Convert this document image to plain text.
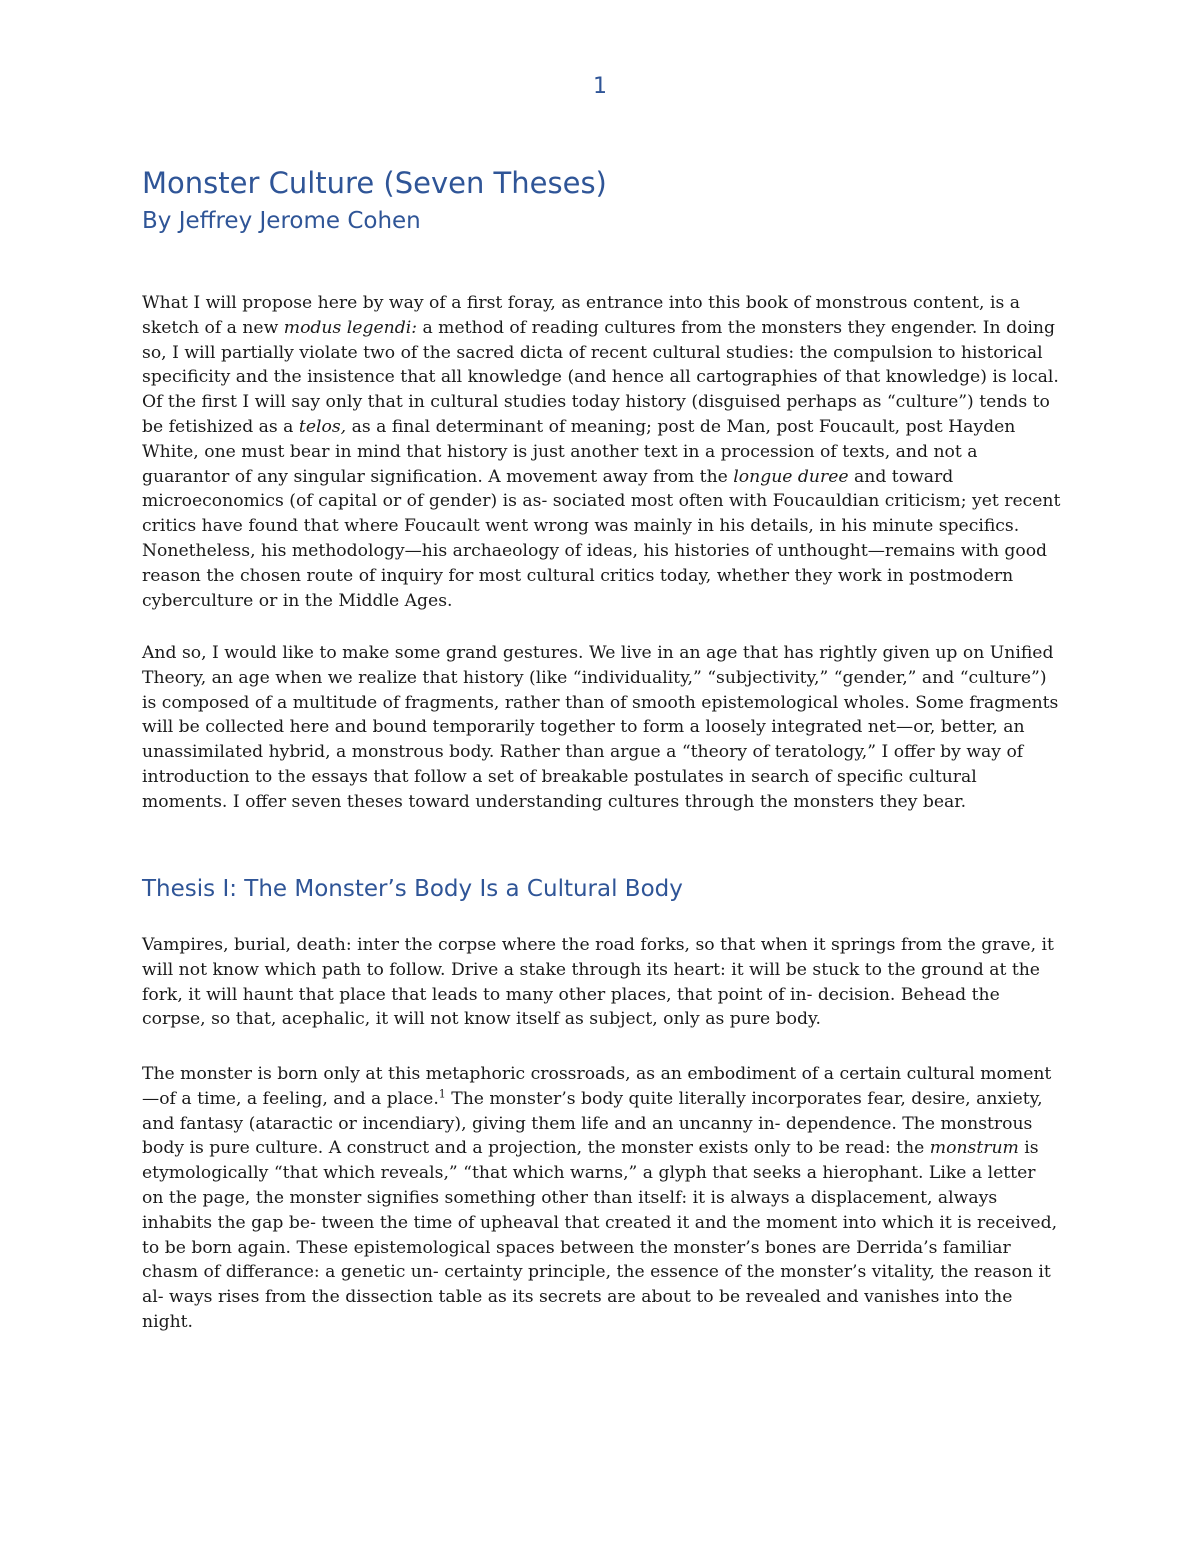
1
Monster Culture (Seven Theses)
By Jeffrey Jerome Cohen

What I will propose here by way of a first foray, as entrance into this book of monstrous content, is a sketch of a new modus legendi: a method of reading cultures from the monsters they engender. In doing so, I will partially violate two of the sacred dicta of recent cultural studies: the compulsion to historical specificity and the insistence that all knowledge (and hence all cartographies of that knowledge) is local. Of the first I will say only that in cultural studies today history (disguised perhaps as “culture”) tends to be fetishized as a telos, as a final determinant of meaning; post de Man, post Foucault, post Hayden White, one must bear in mind that history is just another text in a procession of texts, and not a guarantor of any singular signification. A movement away from the longue duree and toward microeconomics (of capital or of gender) is as- sociated most often with Foucauldian criticism; yet recent critics have found that where Foucault went wrong was mainly in his details, in his minute specifics. Nonetheless, his methodology—his archaeology of ideas, his histories of unthought—remains with good reason the chosen route of inquiry for most cultural critics today, whether they work in postmodern cyberculture or in the Middle Ages.

And so, I would like to make some grand gestures. We live in an age that has rightly given up on Unified Theory, an age when we realize that history (like “individuality,” “subjectivity,” “gender,” and “culture”) is composed of a multitude of fragments, rather than of smooth epistemological wholes. Some fragments will be collected here and bound temporarily together to form a loosely integrated net—or, better, an unassimilated hybrid, a monstrous body. Rather than argue a “theory of teratology,” I offer by way of introduction to the essays that follow a set of breakable postulates in search of specific cultural moments. I offer seven theses toward understanding cultures through the monsters they bear.

Thesis I: The Monster’s Body Is a Cultural Body

Vampires, burial, death: inter the corpse where the road forks, so that when it springs from the grave, it will not know which path to follow. Drive a stake through its heart: it will be stuck to the ground at the fork, it will haunt that place that leads to many other places, that point of in- decision. Behead the corpse, so that, acephalic, it will not know itself as subject, only as pure body.

The monster is born only at this metaphoric crossroads, as an embodiment of a certain cultural moment—of a time, a feeling, and a place.$^1$ The monster’s body quite literally incorporates fear, desire, anxiety, and fantasy (ataractic or incendiary), giving them life and an uncanny in- dependence. The monstrous body is pure culture. A construct and a projection, the monster exists only to be read: the monstrum is etymologically “that which reveals,” “that which warns,” a glyph that seeks a hierophant. Like a letter on the page, the monster signifies something other than itself: it is always a displacement, always inhabits the gap be- tween the time of upheaval that created it and the moment into which it is received, to be born again. These epistemological spaces between the monster’s bones are Derrida’s familiar chasm of differance: a genetic un- certainty principle, the essence of the monster’s vitality, the reason it al- ways rises from the dissection table as its secrets are about to be revealed and vanishes into the night.
